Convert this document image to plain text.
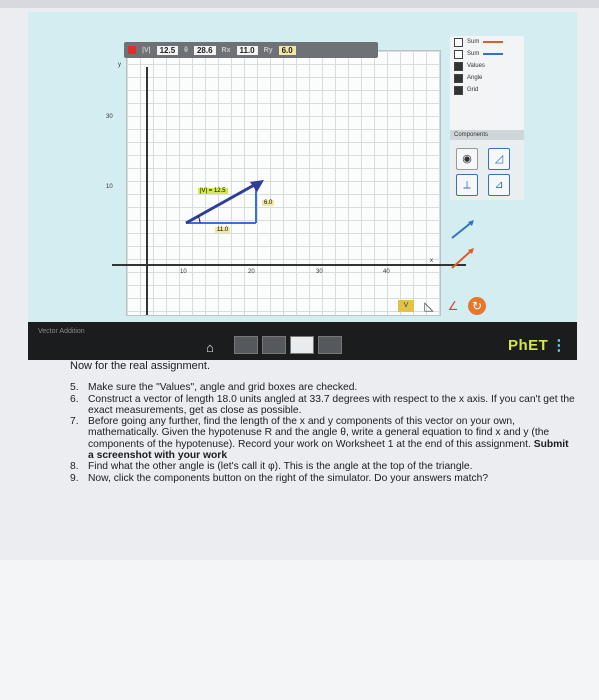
|V|	12.5	θ	28.6	Rx	11.0	Ry	6.0
y
x
30
10
10	20	30	40
|V| = 12.5
11.0
6.0
Sum
Sum
Values
Angle
Grid
Components
◉	◿
⟂	⊿
V	◺	∠	↻
Vector Addition
⌂	PhET ⋮
Now for the real assignment.
5. Make sure the "Values", angle and grid boxes are checked.
6. Construct a vector of length 18.0 units angled at 33.7 degrees with respect to the x axis. If you can't get the exact measurements, get as close as possible.
7. Before going any further, find the length of the x and y components of this vector on your own, mathematically. Given the hypotenuse R and the angle θ, write a general equation to find x and y (the components of the hypotenuse). Record your work on Worksheet 1 at the end of this assignment. Submit a screenshot with your work
8. Find what the other angle is (let's call it φ). This is the angle at the top of the triangle.
9. Now, click the components button on the right of the simulator. Do your answers match?
